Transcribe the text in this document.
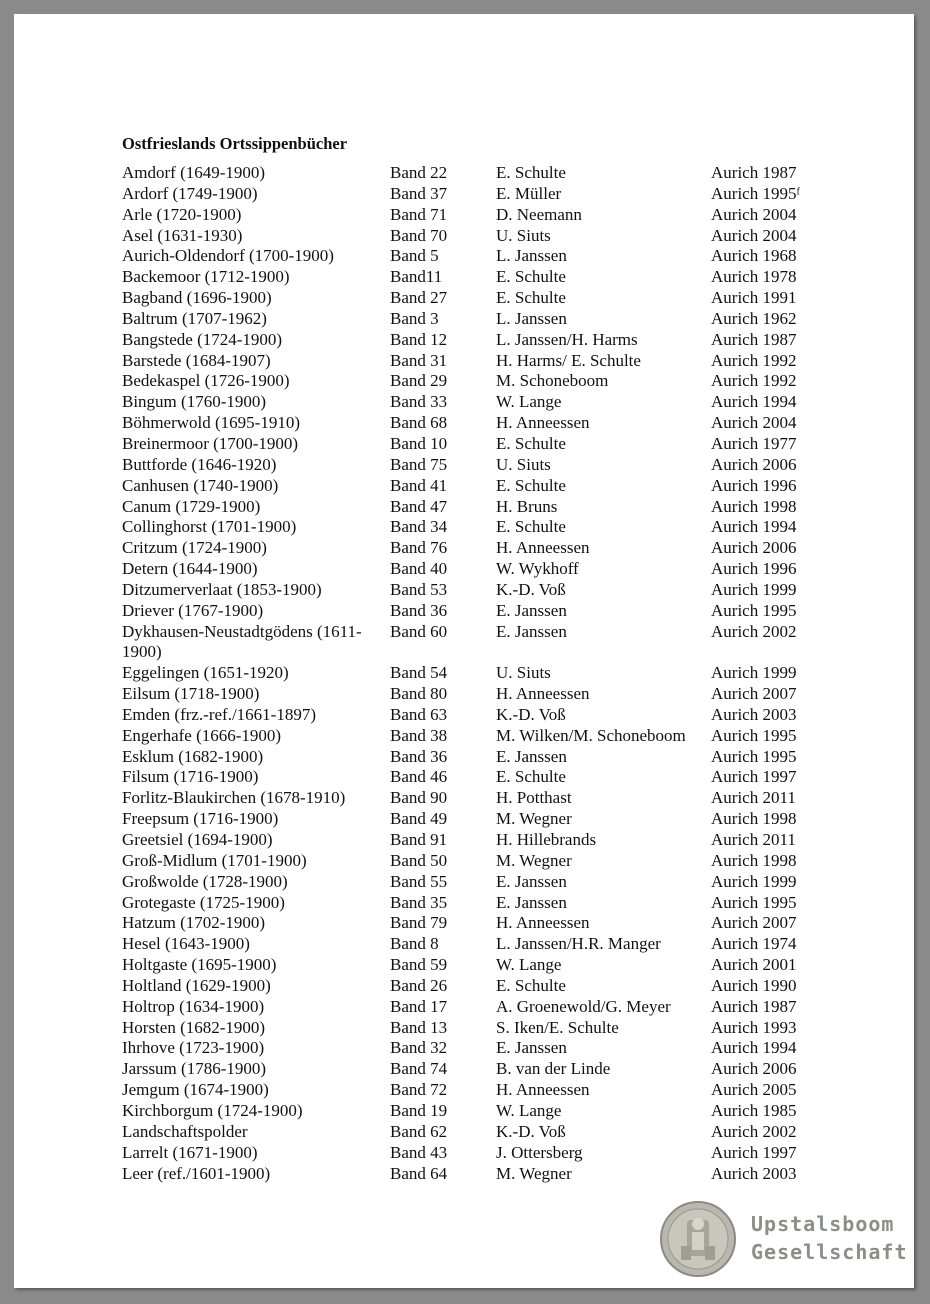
Ostfrieslands Ortssippenbücher
Amdorf (1649-1900)	Band 22	E. Schulte	Aurich 1987
Ardorf (1749-1900)	Band 37	E. Müller	Aurich 1995ᶠ
Arle (1720-1900)	Band 71	D. Neemann	Aurich 2004
Asel (1631-1930)	Band 70	U. Siuts	Aurich 2004
Aurich-Oldendorf (1700-1900)	Band 5	L. Janssen	Aurich 1968
Backemoor (1712-1900)	Band11	E. Schulte	Aurich 1978
Bagband (1696-1900)	Band 27	E. Schulte	Aurich 1991
Baltrum (1707-1962)	Band 3	L. Janssen	Aurich 1962
Bangstede (1724-1900)	Band 12	L. Janssen/H. Harms	Aurich 1987
Barstede (1684-1907)	Band 31	H. Harms/ E. Schulte	Aurich 1992
Bedekaspel (1726-1900)	Band 29	M. Schoneboom	Aurich 1992
Bingum (1760-1900)	Band 33	W. Lange	Aurich 1994
Böhmerwold (1695-1910)	Band 68	H. Anneessen	Aurich 2004
Breinermoor (1700-1900)	Band 10	E. Schulte	Aurich 1977
Buttforde (1646-1920)	Band 75	U. Siuts	Aurich 2006
Canhusen (1740-1900)	Band 41	E. Schulte	Aurich 1996
Canum (1729-1900)	Band 47	H. Bruns	Aurich 1998
Collinghorst (1701-1900)	Band 34	E. Schulte	Aurich 1994
Critzum (1724-1900)	Band 76	H. Anneessen	Aurich 2006
Detern (1644-1900)	Band 40	W. Wykhoff	Aurich 1996
Ditzumerverlaat (1853-1900)	Band 53	K.-D. Voß	Aurich 1999
Driever (1767-1900)	Band 36	E. Janssen	Aurich 1995
Dykhausen-Neustadtgödens (1611-1900)
Band 60	E. Janssen	Aurich 2002
Eggelingen (1651-1920)	Band 54	U. Siuts	Aurich 1999
Eilsum (1718-1900)	Band 80	H. Anneessen	Aurich 2007
Emden (frz.-ref./1661-1897)	Band 63	K.-D. Voß	Aurich 2003
Engerhafe (1666-1900)	Band 38	M. Wilken/M. Schoneboom Aurich 1995
Esklum (1682-1900)	Band 36	E. Janssen	Aurich 1995
Filsum (1716-1900)	Band 46	E. Schulte	Aurich 1997
Forlitz-Blaukirchen (1678-1910)	Band 90	H. Potthast	Aurich 2011
Freepsum (1716-1900)	Band 49	M. Wegner	Aurich 1998
Greetsiel (1694-1900)	Band 91	H. Hillebrands	Aurich 2011
Groß-Midlum (1701-1900)	Band 50	M. Wegner	Aurich 1998
Großwolde (1728-1900)	Band 55	E. Janssen	Aurich 1999
Grotegaste (1725-1900)	Band 35	E. Janssen	Aurich 1995
Hatzum (1702-1900)	Band 79	H. Anneessen	Aurich 2007
Hesel (1643-1900)	Band 8	L. Janssen/H.R. Manger	Aurich 1974
Holtgaste (1695-1900)	Band 59	W. Lange	Aurich 2001
Holtland (1629-1900)	Band 26	E. Schulte	Aurich 1990
Holtrop (1634-1900)	Band 17	A. Groenewold/G. Meyer Aurich 1987
Horsten (1682-1900)	Band 13	S. Iken/E. Schulte	Aurich 1993
Ihrhove (1723-1900)	Band 32	E. Janssen	Aurich 1994
Jarssum (1786-1900)	Band 74	B. van der Linde	Aurich 2006
Jemgum (1674-1900)	Band 72	H. Anneessen	Aurich 2005
Kirchborgum (1724-1900)	Band 19	W. Lange	Aurich 1985
Landschaftspolder	Band 62	K.-D. Voß	Aurich 2002
Larrelt (1671-1900)	Band 43	J. Ottersberg	Aurich 1997
Leer (ref./1601-1900)	Band 64	M. Wegner	Aurich 2003
Upstalsboom
Gesellschaft
